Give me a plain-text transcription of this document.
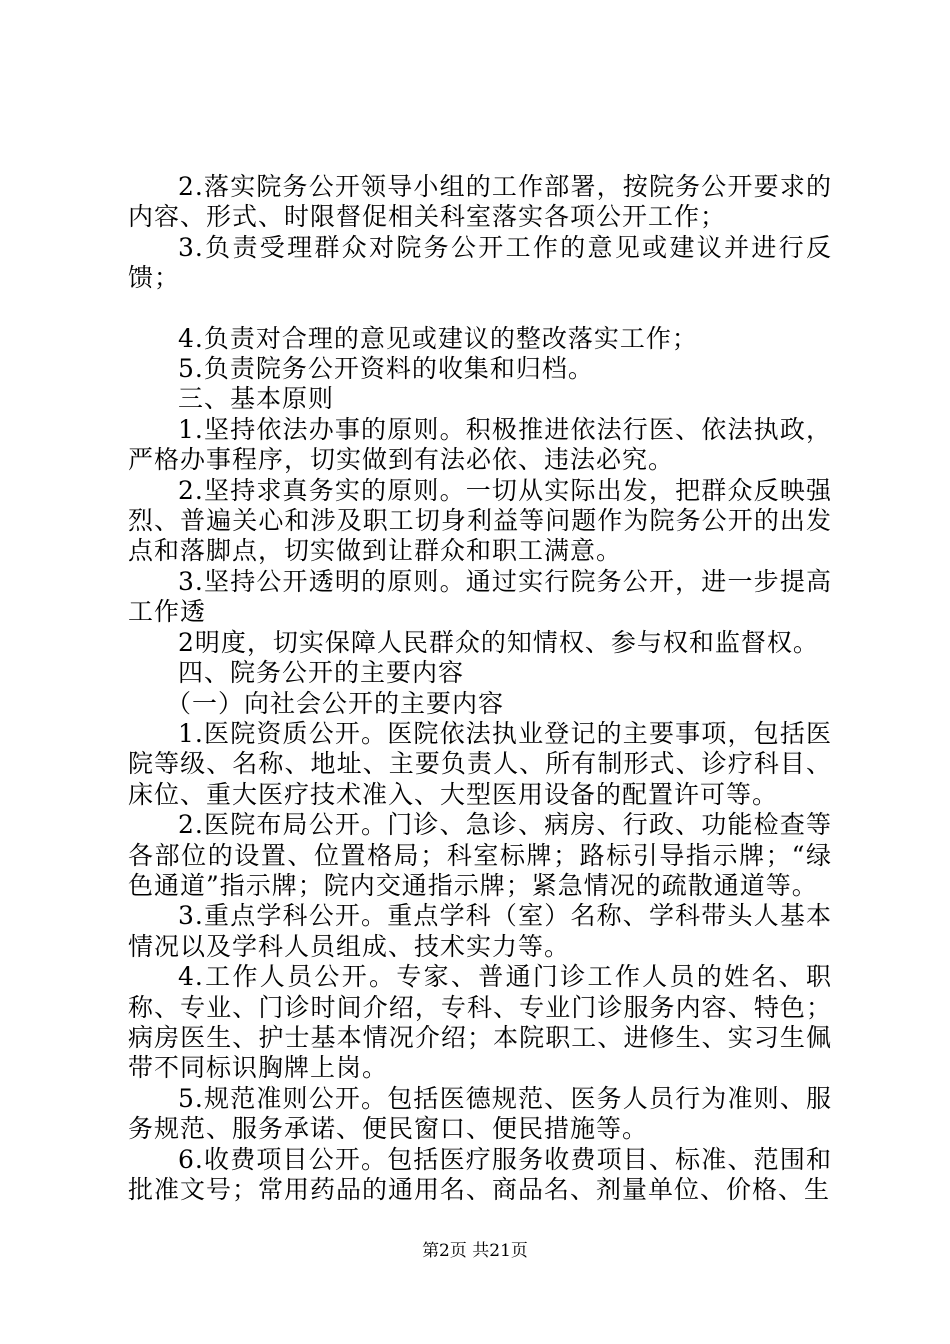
2.落实院务公开领导小组的工作部署，按院务公开要求的内容、形式、时限督促相关科室落实各项公开工作；

3.负责受理群众对院务公开工作的意见或建议并进行反馈；

4.负责对合理的意见或建议的整改落实工作；

5.负责院务公开资料的收集和归档。

三、基本原则

1.坚持依法办事的原则。积极推进依法行医、依法执政，严格办事程序，切实做到有法必依、违法必究。

2.坚持求真务实的原则。一切从实际出发，把群众反映强烈、普遍关心和涉及职工切身利益等问题作为院务公开的出发点和落脚点，切实做到让群众和职工满意。

3.坚持公开透明的原则。通过实行院务公开，进一步提高工作透

2明度，切实保障人民群众的知情权、参与权和监督权。

四、院务公开的主要内容

（一）向社会公开的主要内容

1.医院资质公开。医院依法执业登记的主要事项，包括医院等级、名称、地址、主要负责人、所有制形式、诊疗科目、床位、重大医疗技术准入、大型医用设备的配置许可等。

2.医院布局公开。门诊、急诊、病房、行政、功能检查等各部位的设置、位置格局；科室标牌；路标引导指示牌；“绿色通道”指示牌；院内交通指示牌；紧急情况的疏散通道等。

3.重点学科公开。重点学科（室）名称、学科带头人基本情况以及学科人员组成、技术实力等。

4.工作人员公开。专家、普通门诊工作人员的姓名、职称、专业、门诊时间介绍，专科、专业门诊服务内容、特色；病房医生、护士基本情况介绍；本院职工、进修生、实习生佩带不同标识胸牌上岗。

5.规范准则公开。包括医德规范、医务人员行为准则、服务规范、服务承诺、便民窗口、便民措施等。

6.收费项目公开。包括医疗服务收费项目、标准、范围和批准文号；常用药品的通用名、商品名、剂量单位、价格、生

第2页 共21页
